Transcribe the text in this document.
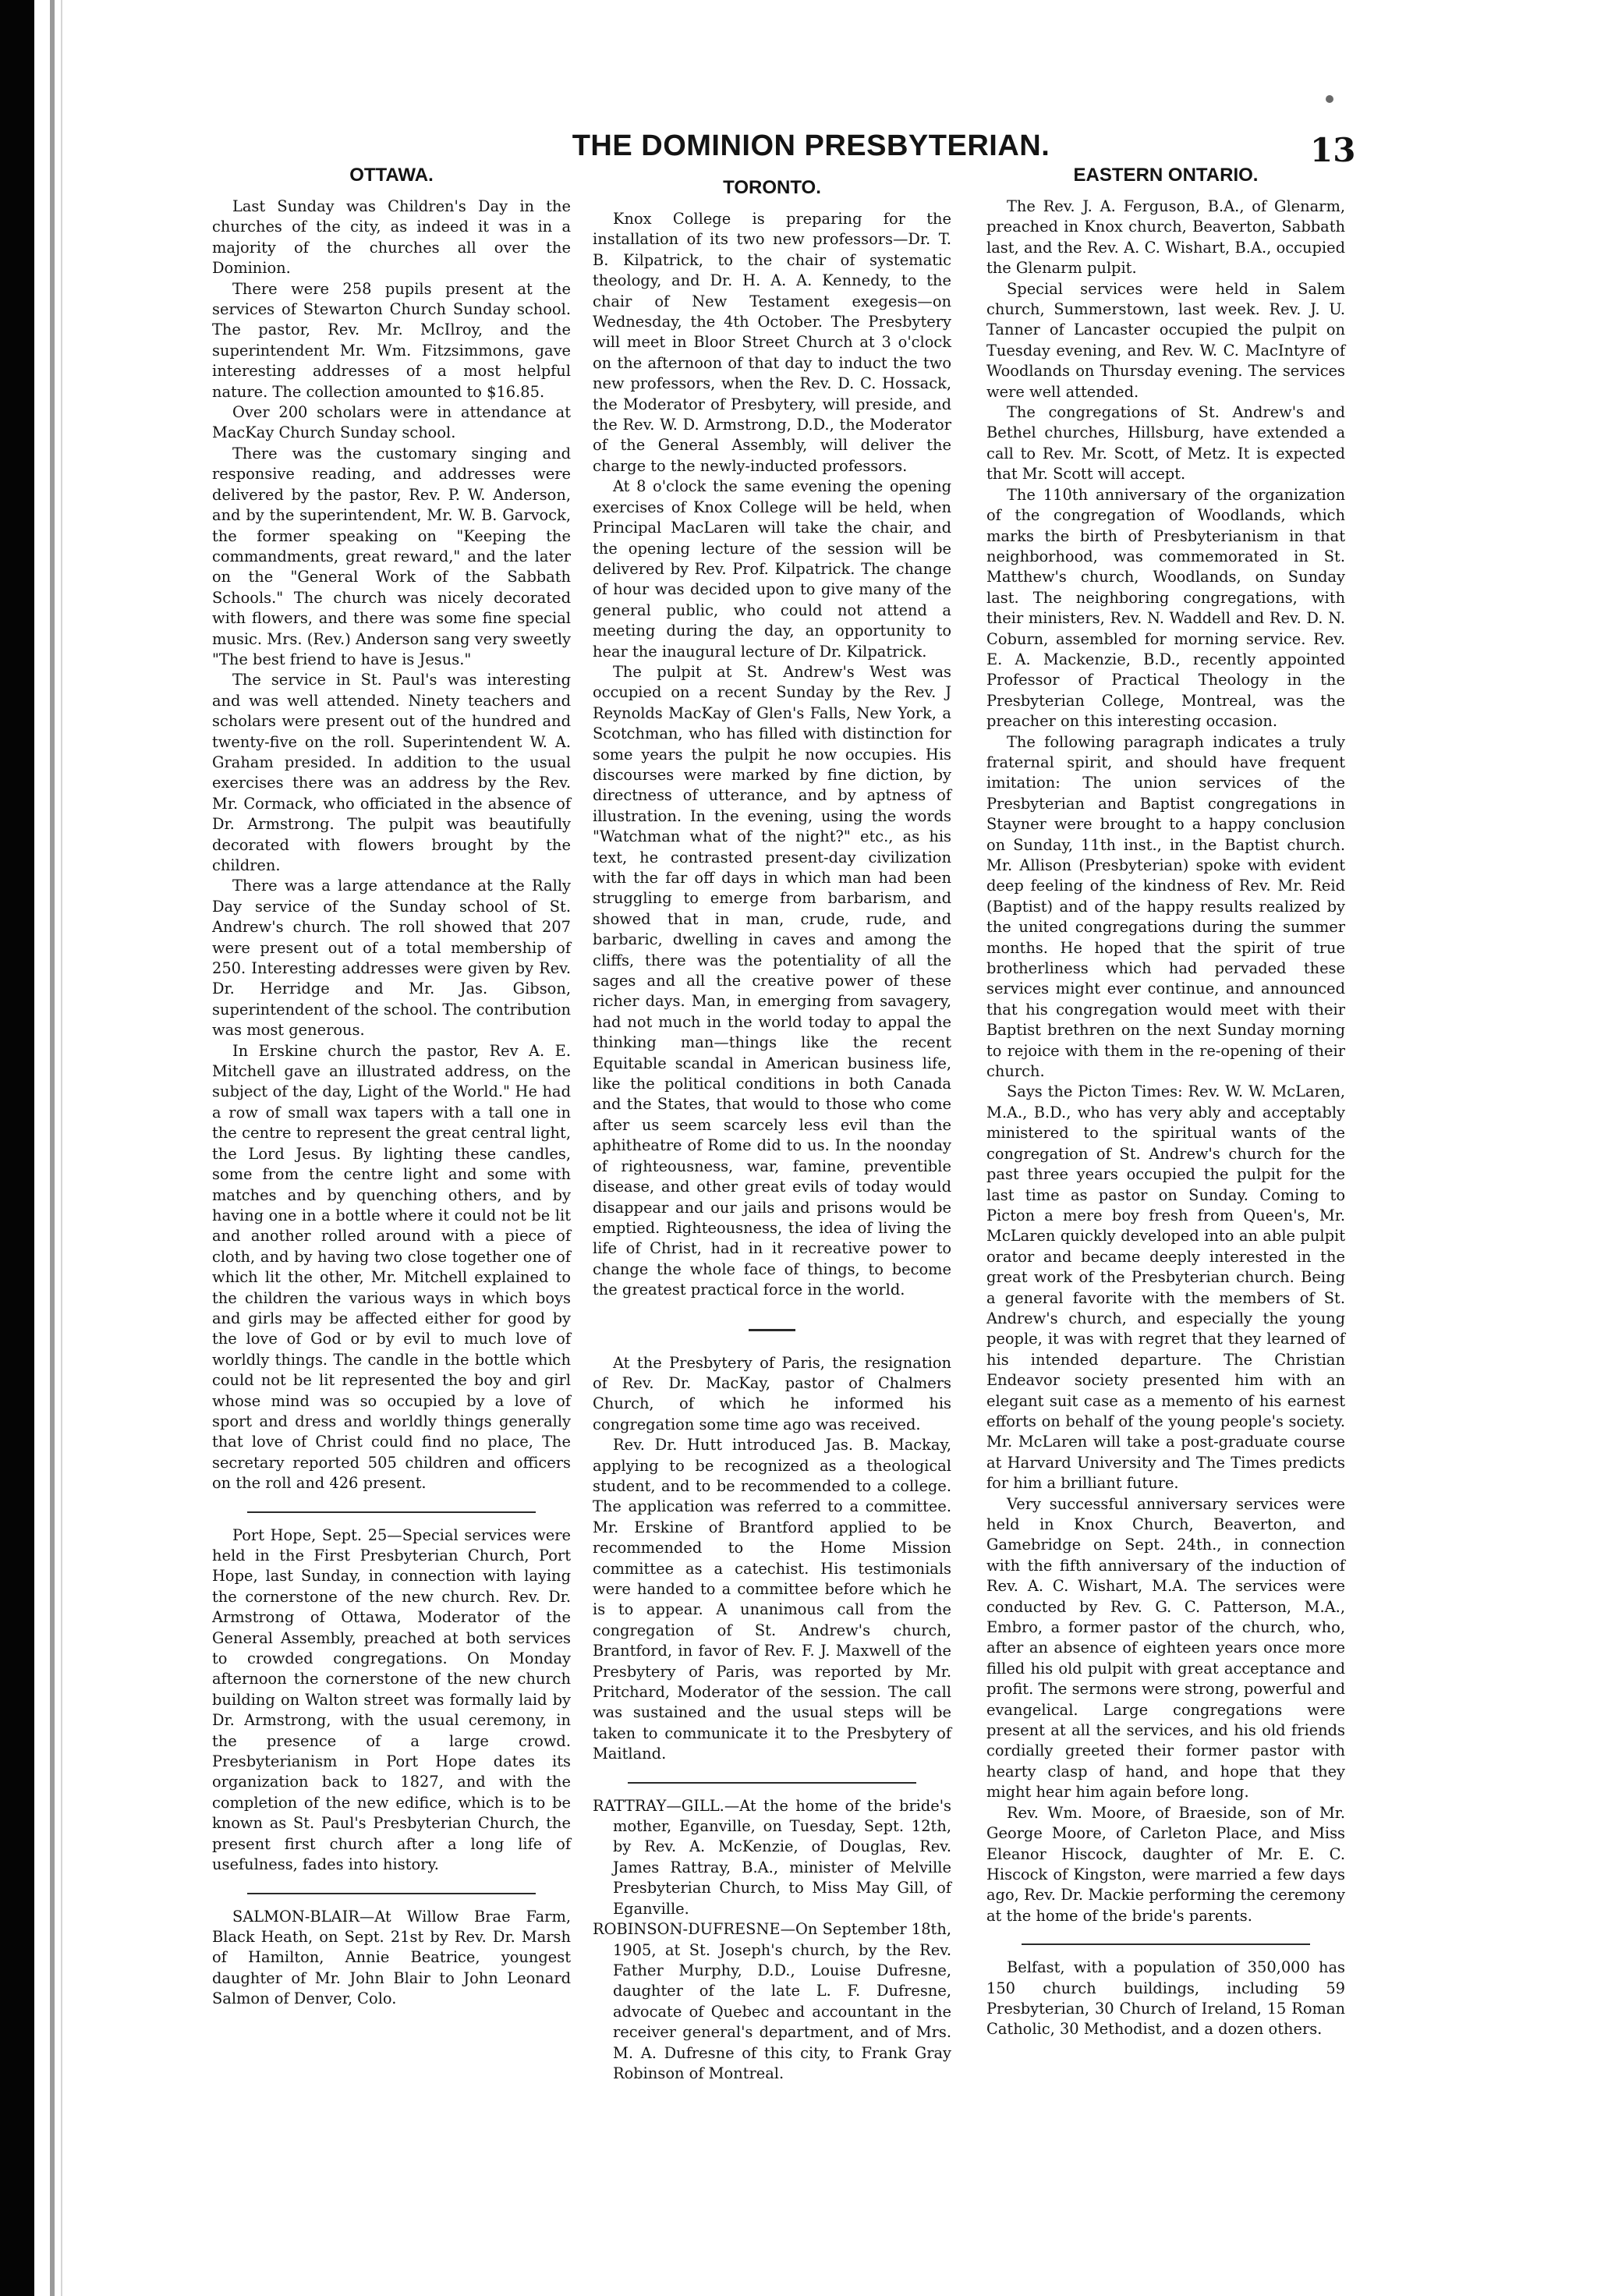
THE DOMINION PRESBYTERIAN.	13
OTTAWA.

Last Sunday was Children's Day in the churches of the city, as indeed it was in a majority of the churches all over the Dominion.

There were 258 pupils present at the services of Stewarton Church Sunday school. The pastor, Rev. Mr. McIlroy, and the superintendent Mr. Wm. Fitzsimmons, gave interesting addresses of a most helpful nature. The collection amounted to $16.85.

Over 200 scholars were in attendance at MacKay Church Sunday school.

There was the customary singing and responsive reading, and addresses were delivered by the pastor, Rev. P. W. Anderson, and by the superintendent, Mr. W. B. Garvock, the former speaking on "Keeping the commandments, great reward," and the later on the "General Work of the Sabbath Schools." The church was nicely decorated with flowers, and there was some fine special music. Mrs. (Rev.) Anderson sang very sweetly "The best friend to have is Jesus."

The service in St. Paul's was interesting and was well attended. Ninety teachers and scholars were present out of the hundred and twenty-five on the roll. Superintendent W. A. Graham presided. In addition to the usual exercises there was an address by the Rev. Mr. Cormack, who officiated in the absence of Dr. Armstrong. The pulpit was beautifully decorated with flowers brought by the children.

There was a large attendance at the Rally Day service of the Sunday school of St. Andrew's church. The roll showed that 207 were present out of a total membership of 250. Interesting addresses were given by Rev. Dr. Herridge and Mr. Jas. Gibson, superintendent of the school. The contribution was most generous.

In Erskine church the pastor, Rev A. E. Mitchell gave an illustrated address, on the subject of the day, Light of the World." He had a row of small wax tapers with a tall one in the centre to represent the great central light, the Lord Jesus. By lighting these candles, some from the centre light and some with matches and by quenching others, and by having one in a bottle where it could not be lit and another rolled around with a piece of cloth, and by having two close together one of which lit the other, Mr. Mitchell explained to the children the various ways in which boys and girls may be affected either for good by the love of God or by evil to much love of worldly things. The candle in the bottle which could not be lit represented the boy and girl whose mind was so occupied by a love of sport and dress and worldly things generally that love of Christ could find no place, The secretary reported 505 children and officers on the roll and 426 present.

Port Hope, Sept. 25—Special services were held in the First Presbyterian Church, Port Hope, last Sunday, in connection with laying the cornerstone of the new church. Rev. Dr. Armstrong of Ottawa, Moderator of the General Assembly, preached at both services to crowded congregations. On Monday afternoon the cornerstone of the new church building on Walton street was formally laid by Dr. Armstrong, with the usual ceremony, in the presence of a large crowd. Presbyterianism in Port Hope dates its organization back to 1827, and with the completion of the new edifice, which is to be known as St. Paul's Presbyterian Church, the present first church after a long life of usefulness, fades into history.

SALMON-BLAIR—At Willow Brae Farm, Black Heath, on Sept. 21st by Rev. Dr. Marsh of Hamilton, Annie Beatrice, youngest daughter of Mr. John Blair to John Leonard Salmon of Denver, Colo.

TORONTO.

Knox College is preparing for the installation of its two new professors—Dr. T. B. Kilpatrick, to the chair of systematic theology, and Dr. H. A. A. Kennedy, to the chair of New Testament exegesis—on Wednesday, the 4th October. The Presbytery will meet in Bloor Street Church at 3 o'clock on the afternoon of that day to induct the two new professors, when the Rev. D. C. Hossack, the Moderator of Presbytery, will preside, and the Rev. W. D. Armstrong, D.D., the Moderator of the General Assembly, will deliver the charge to the newly-inducted professors.

At 8 o'clock the same evening the opening exercises of Knox College will be held, when Principal MacLaren will take the chair, and the opening lecture of the session will be delivered by Rev. Prof. Kilpatrick. The change of hour was decided upon to give many of the general public, who could not attend a meeting during the day, an opportunity to hear the inaugural lecture of Dr. Kilpatrick.

The pulpit at St. Andrew's West was occupied on a recent Sunday by the Rev. J Reynolds MacKay of Glen's Falls, New York, a Scotchman, who has filled with distinction for some years the pulpit he now occupies. His discourses were marked by fine diction, by directness of utterance, and by aptness of illustration. In the evening, using the words "Watchman what of the night?" etc., as his text, he contrasted present-day civilization with the far off days in which man had been struggling to emerge from barbarism, and showed that in man, crude, rude, and barbaric, dwelling in caves and among the cliffs, there was the potentiality of all the sages and all the creative power of these richer days. Man, in emerging from savagery, had not much in the world today to appal the thinking man—things like the recent Equitable scandal in American business life, like the political conditions in both Canada and the States, that would to those who come after us seem scarcely less evil than the aphitheatre of Rome did to us. In the noonday of righteousness, war, famine, preventible disease, and other great evils of today would disappear and our jails and prisons would be emptied. Righteousness, the idea of living the life of Christ, had in it recreative power to change the whole face of things, to become the greatest practical force in the world.

At the Presbytery of Paris, the resignation of Rev. Dr. MacKay, pastor of Chalmers Church, of which he informed his congregation some time ago was received.

Rev. Dr. Hutt introduced Jas. B. Mackay, applying to be recognized as a theological student, and to be recommended to a college. The application was referred to a committee. Mr. Erskine of Brantford applied to be recommended to the Home Mission committee as a catechist. His testimonials were handed to a committee before which he is to appear. A unanimous call from the congregation of St. Andrew's church, Brantford, in favor of Rev. F. J. Maxwell of the Presbytery of Paris, was reported by Mr. Pritchard, Moderator of the session. The call was sustained and the usual steps will be taken to communicate it to the Presbytery of Maitland.

RATTRAY—GILL.—At the home of the bride's mother, Eganville, on Tuesday, Sept. 12th, by Rev. A. McKenzie, of Douglas, Rev. James Rattray, B.A., minister of Melville Presbyterian Church, to Miss May Gill, of Eganville.

ROBINSON-DUFRESNE—On September 18th, 1905, at St. Joseph's church, by the Rev. Father Murphy, D.D., Louise Dufresne, daughter of the late L. F. Dufresne, advocate of Quebec and accountant in the receiver general's department, and of Mrs. M. A. Dufresne of this city, to Frank Gray Robinson of Montreal.

EASTERN ONTARIO.

The Rev. J. A. Ferguson, B.A., of Glenarm, preached in Knox church, Beaverton, Sabbath last, and the Rev. A. C. Wishart, B.A., occupied the Glenarm pulpit.

Special services were held in Salem church, Summerstown, last week. Rev. J. U. Tanner of Lancaster occupied the pulpit on Tuesday evening, and Rev. W. C. MacIntyre of Woodlands on Thursday evening. The services were well attended.

The congregations of St. Andrew's and Bethel churches, Hillsburg, have extended a call to Rev. Mr. Scott, of Metz. It is expected that Mr. Scott will accept.

The 110th anniversary of the organization of the congregation of Woodlands, which marks the birth of Presbyterianism in that neighborhood, was commemorated in St. Matthew's church, Woodlands, on Sunday last. The neighboring congregations, with their ministers, Rev. N. Waddell and Rev. D. N. Coburn, assembled for morning service. Rev. E. A. Mackenzie, B.D., recently appointed Professor of Practical Theology in the Presbyterian College, Montreal, was the preacher on this interesting occasion.

The following paragraph indicates a truly fraternal spirit, and should have frequent imitation: The union services of the Presbyterian and Baptist congregations in Stayner were brought to a happy conclusion on Sunday, 11th inst., in the Baptist church. Mr. Allison (Presbyterian) spoke with evident deep feeling of the kindness of Rev. Mr. Reid (Baptist) and of the happy results realized by the united congregations during the summer months. He hoped that the spirit of true brotherliness which had pervaded these services might ever continue, and announced that his congregation would meet with their Baptist brethren on the next Sunday morning to rejoice with them in the re-opening of their church.

Says the Picton Times: Rev. W. W. McLaren, M.A., B.D., who has very ably and acceptably ministered to the spiritual wants of the congregation of St. Andrew's church for the past three years occupied the pulpit for the last time as pastor on Sunday. Coming to Picton a mere boy fresh from Queen's, Mr. McLaren quickly developed into an able pulpit orator and became deeply interested in the great work of the Presbyterian church. Being a general favorite with the members of St. Andrew's church, and especially the young people, it was with regret that they learned of his intended departure. The Christian Endeavor society presented him with an elegant suit case as a memento of his earnest efforts on behalf of the young people's society. Mr. McLaren will take a post-graduate course at Harvard University and The Times predicts for him a brilliant future.

Very successful anniversary services were held in Knox Church, Beaverton, and Gamebridge on Sept. 24th., in connection with the fifth anniversary of the induction of Rev. A. C. Wishart, M.A. The services were conducted by Rev. G. C. Patterson, M.A., Embro, a former pastor of the church, who, after an absence of eighteen years once more filled his old pulpit with great acceptance and profit. The sermons were strong, powerful and evangelical. Large congregations were present at all the services, and his old friends cordially greeted their former pastor with hearty clasp of hand, and hope that they might hear him again before long.

Rev. Wm. Moore, of Braeside, son of Mr. George Moore, of Carleton Place, and Miss Eleanor Hiscock, daughter of Mr. E. C. Hiscock of Kingston, were married a few days ago, Rev. Dr. Mackie performing the ceremony at the home of the bride's parents.

Belfast, with a population of 350,000 has 150 church buildings, including 59 Presbyterian, 30 Church of Ireland, 15 Roman Catholic, 30 Methodist, and a dozen others.
